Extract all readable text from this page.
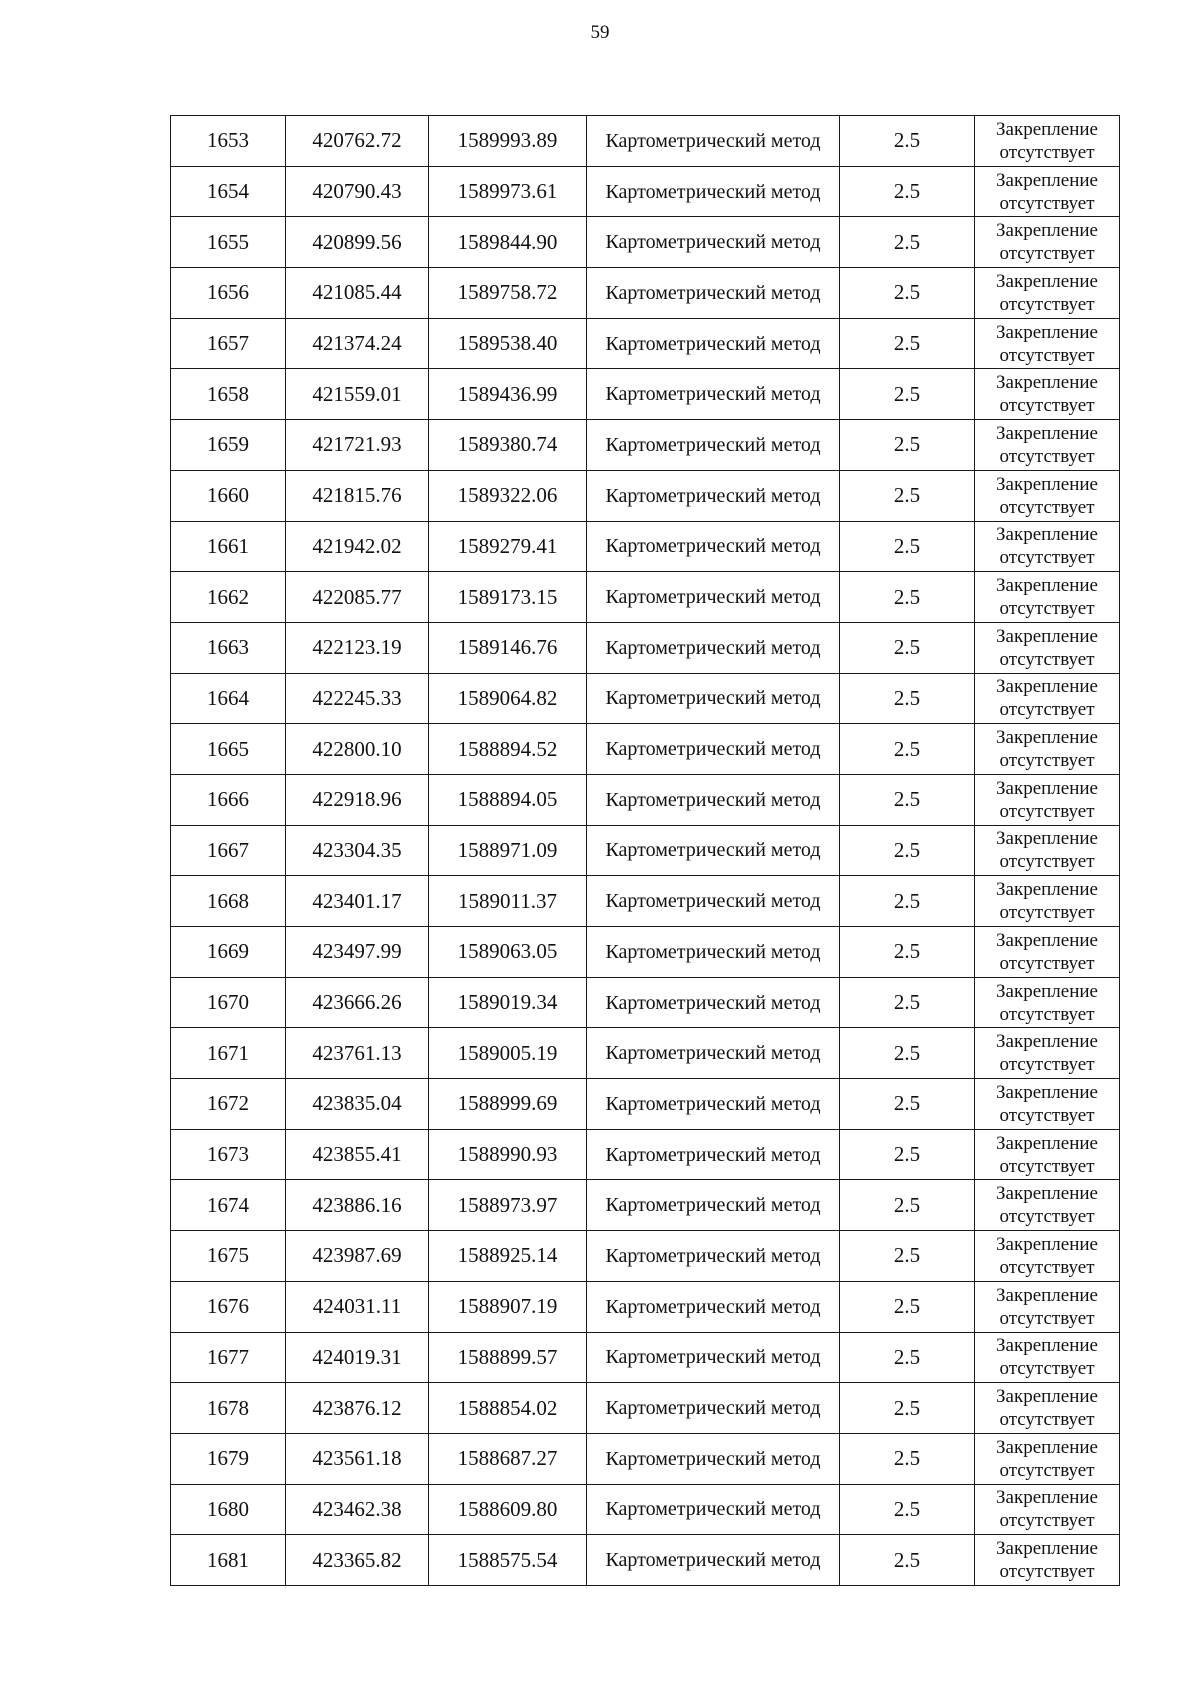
59
1653	420762.72	1589993.89	Картометрический метод	2.5	Закрепление
отсутствует

1654	420790.43	1589973.61	Картометрический метод	2.5	Закрепление
отсутствует

1655	420899.56	1589844.90	Картометрический метод	2.5	Закрепление
отсутствует

1656	421085.44	1589758.72	Картометрический метод	2.5	Закрепление
отсутствует

1657	421374.24	1589538.40	Картометрический метод	2.5	Закрепление
отсутствует

1658	421559.01	1589436.99	Картометрический метод	2.5	Закрепление
отсутствует

1659	421721.93	1589380.74	Картометрический метод	2.5	Закрепление
отсутствует

1660	421815.76	1589322.06	Картометрический метод	2.5	Закрепление
отсутствует

1661	421942.02	1589279.41	Картометрический метод	2.5	Закрепление
отсутствует

1662	422085.77	1589173.15	Картометрический метод	2.5	Закрепление
отсутствует

1663	422123.19	1589146.76	Картометрический метод	2.5	Закрепление
отсутствует

1664	422245.33	1589064.82	Картометрический метод	2.5	Закрепление
отсутствует

1665	422800.10	1588894.52	Картометрический метод	2.5	Закрепление
отсутствует

1666	422918.96	1588894.05	Картометрический метод	2.5	Закрепление
отсутствует

1667	423304.35	1588971.09	Картометрический метод	2.5	Закрепление
отсутствует

1668	423401.17	1589011.37	Картометрический метод	2.5	Закрепление
отсутствует

1669	423497.99	1589063.05	Картометрический метод	2.5	Закрепление
отсутствует

1670	423666.26	1589019.34	Картометрический метод	2.5	Закрепление
отсутствует

1671	423761.13	1589005.19	Картометрический метод	2.5	Закрепление
отсутствует

1672	423835.04	1588999.69	Картометрический метод	2.5	Закрепление
отсутствует

1673	423855.41	1588990.93	Картометрический метод	2.5	Закрепление
отсутствует

1674	423886.16	1588973.97	Картометрический метод	2.5	Закрепление
отсутствует

1675	423987.69	1588925.14	Картометрический метод	2.5	Закрепление
отсутствует

1676	424031.11	1588907.19	Картометрический метод	2.5	Закрепление
отсутствует

1677	424019.31	1588899.57	Картометрический метод	2.5	Закрепление
отсутствует

1678	423876.12	1588854.02	Картометрический метод	2.5	Закрепление
отсутствует

1679	423561.18	1588687.27	Картометрический метод	2.5	Закрепление
отсутствует

1680	423462.38	1588609.80	Картометрический метод	2.5	Закрепление
отсутствует

1681	423365.82	1588575.54	Картометрический метод	2.5	Закрепление
отсутствует
